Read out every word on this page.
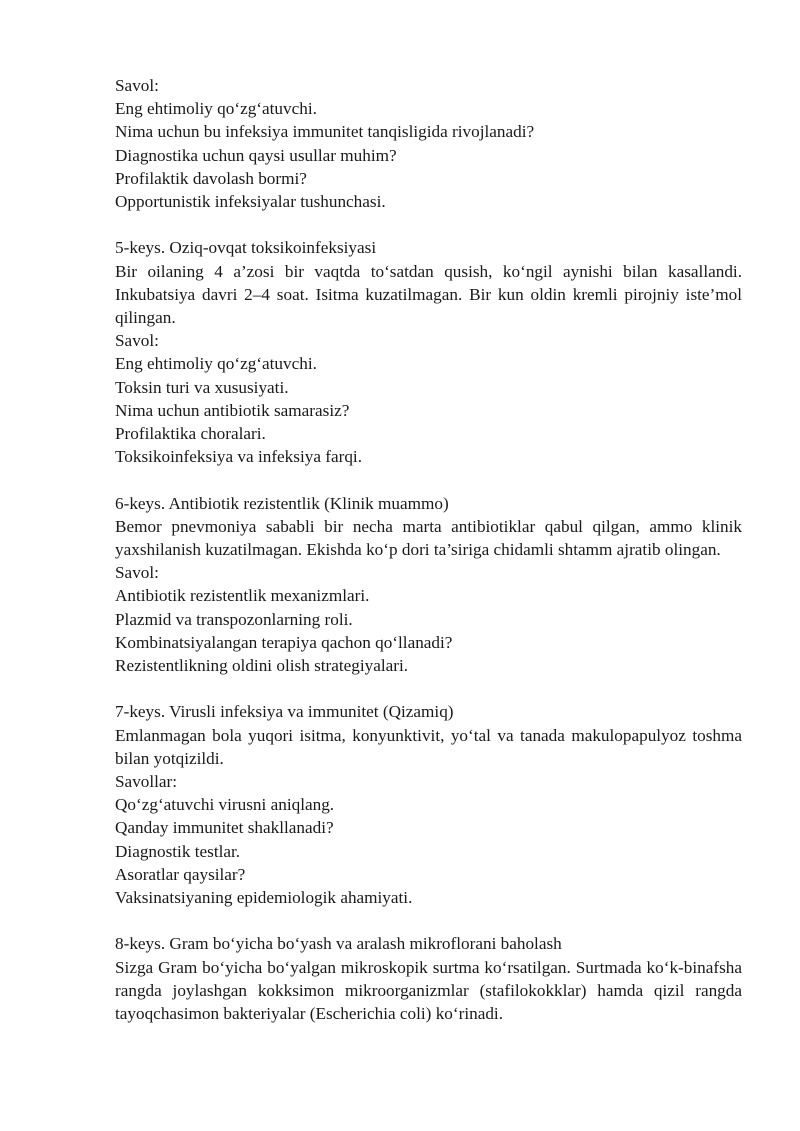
Savol:

Eng ehtimoliy qo‘zg‘atuvchi.

Nima uchun bu infeksiya immunitet tanqisligida rivojlanadi?

Diagnostika uchun qaysi usullar muhim?

Profilaktik davolash bormi?

Opportunistik infeksiyalar tushunchasi.

5-keys. Oziq-ovqat toksikoinfeksiyasi

Bir oilaning 4 a’zosi bir vaqtda to‘satdan qusish, ko‘ngil aynishi bilan kasallandi. Inkubatsiya davri 2–4 soat. Isitma kuzatilmagan. Bir kun oldin kremli pirojniy iste’mol qilingan.

Savol:

Eng ehtimoliy qo‘zg‘atuvchi.

Toksin turi va xususiyati.

Nima uchun antibiotik samarasiz?

Profilaktika choralari.

Toksikoinfeksiya va infeksiya farqi.

6-keys. Antibiotik rezistentlik (Klinik muammo)

Bemor pnevmoniya sababli bir necha marta antibiotiklar qabul qilgan, ammo klinik yaxshilanish kuzatilmagan. Ekishda ko‘p dori ta’siriga chidamli shtamm ajratib olingan.

Savol:

Antibiotik rezistentlik mexanizmlari.

Plazmid va transpozonlarning roli.

Kombinatsiyalangan terapiya qachon qo‘llanadi?

Rezistentlikning oldini olish strategiyalari.

7-keys. Virusli infeksiya va immunitet (Qizamiq)

Emlanmagan bola yuqori isitma, konyunktivit, yo‘tal va tanada makulopapulyoz toshma bilan yotqizildi.

Savollar:

Qo‘zg‘atuvchi virusni aniqlang.

Qanday immunitet shakllanadi?

Diagnostik testlar.

Asoratlar qaysilar?

Vaksinatsiyaning epidemiologik ahamiyati.

8-keys. Gram bo‘yicha bo‘yash va aralash mikroflorani baholash

Sizga Gram bo‘yicha bo‘yalgan mikroskopik surtma ko‘rsatilgan. Surtmada ko‘k-binafsha rangda joylashgan kokksimon mikroorganizmlar (stafilokokklar) hamda qizil rangda tayoqchasimon bakteriyalar (Escherichia coli) ko‘rinadi.
